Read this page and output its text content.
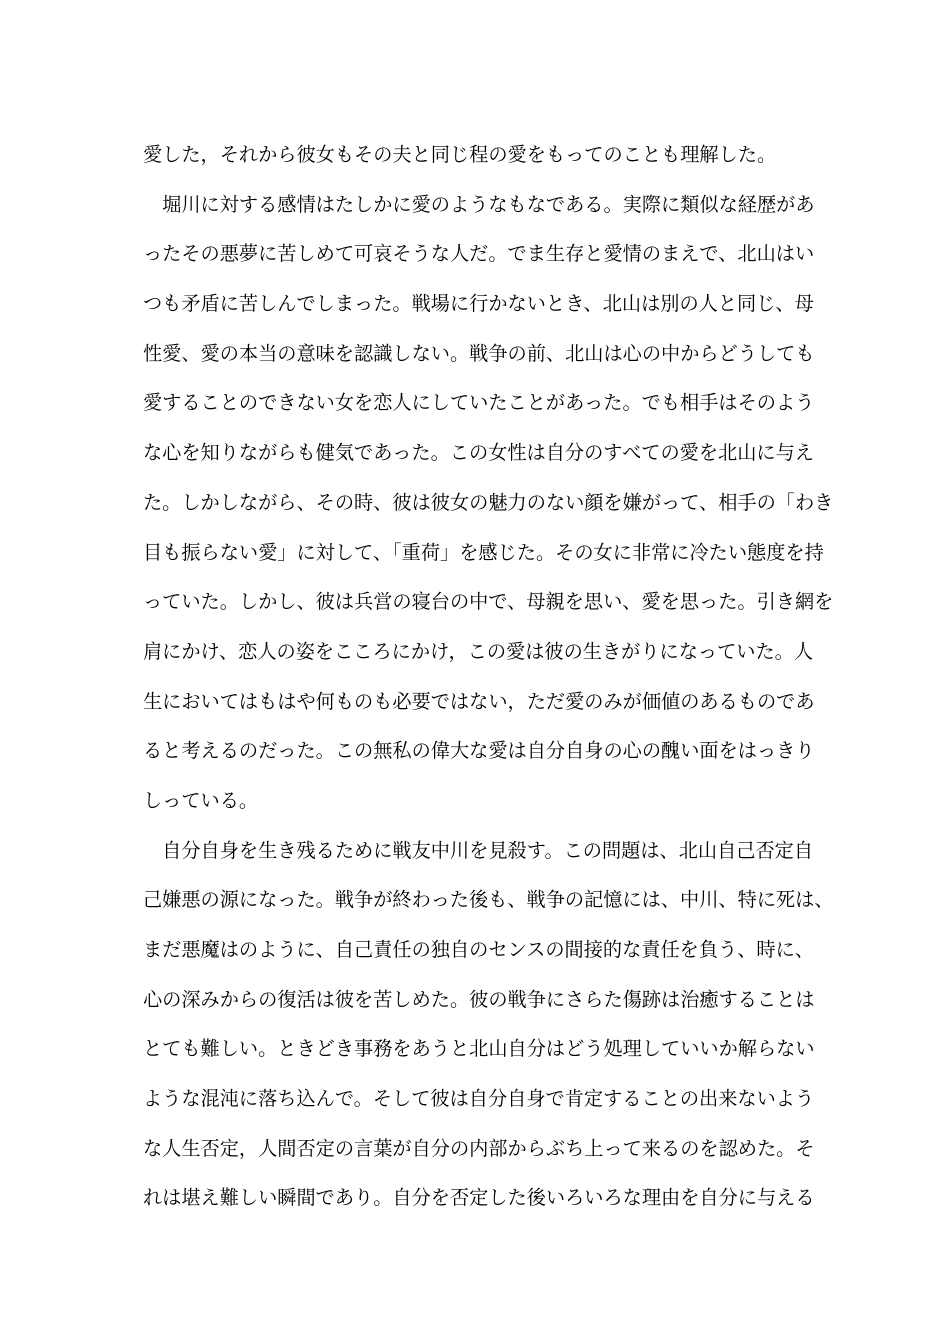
愛した，それから彼女もその夫と同じ程の愛をもってのことも理解した。
　堀川に対する感情はたしかに愛のようなもなである。実際に類似な経歴があ
ったその悪夢に苦しめて可哀そうな人だ。でま生存と愛情のまえで、北山はい
つも矛盾に苦しんでしまった。戦場に行かないとき、北山は別の人と同じ、母
性愛、愛の本当の意味を認識しない。戦争の前、北山は心の中からどうしても
愛することのできない女を恋人にしていたことがあった。でも相手はそのよう
な心を知りながらも健気であった。この女性は自分のすべての愛を北山に与え
た。しかしながら、その時、彼は彼女の魅力のない顔を嫌がって、相手の「わき
目も振らない愛」に対して、「重荷」を感じた。その女に非常に冷たい態度を持
っていた。しかし、彼は兵営の寝台の中で、母親を思い、愛を思った。引き網を
肩にかけ、恋人の姿をこころにかけ，この愛は彼の生きがりになっていた。人
生においてはもはや何ものも必要ではない，ただ愛のみが価値のあるものであ
ると考えるのだった。この無私の偉大な愛は自分自身の心の醜い面をはっきり
しっている。
　自分自身を生き残るために戦友中川を見殺す。この問題は、北山自己否定自
己嫌悪の源になった。戦争が終わった後も、戦争の記憶には、中川、特に死は、
まだ悪魔はのように、自己責任の独自のセンスの間接的な責任を負う、時に、
心の深みからの復活は彼を苦しめた。彼の戦争にさらた傷跡は治癒することは
とても難しい。ときどき事務をあうと北山自分はどう処理していいか解らない
ような混沌に落ち込んで。そして彼は自分自身で肯定することの出来ないよう
な人生否定，人間否定の言葉が自分の内部からぶち上って来るのを認めた。そ
れは堪え難しい瞬間であり。自分を否定した後いろいろな理由を自分に与える
